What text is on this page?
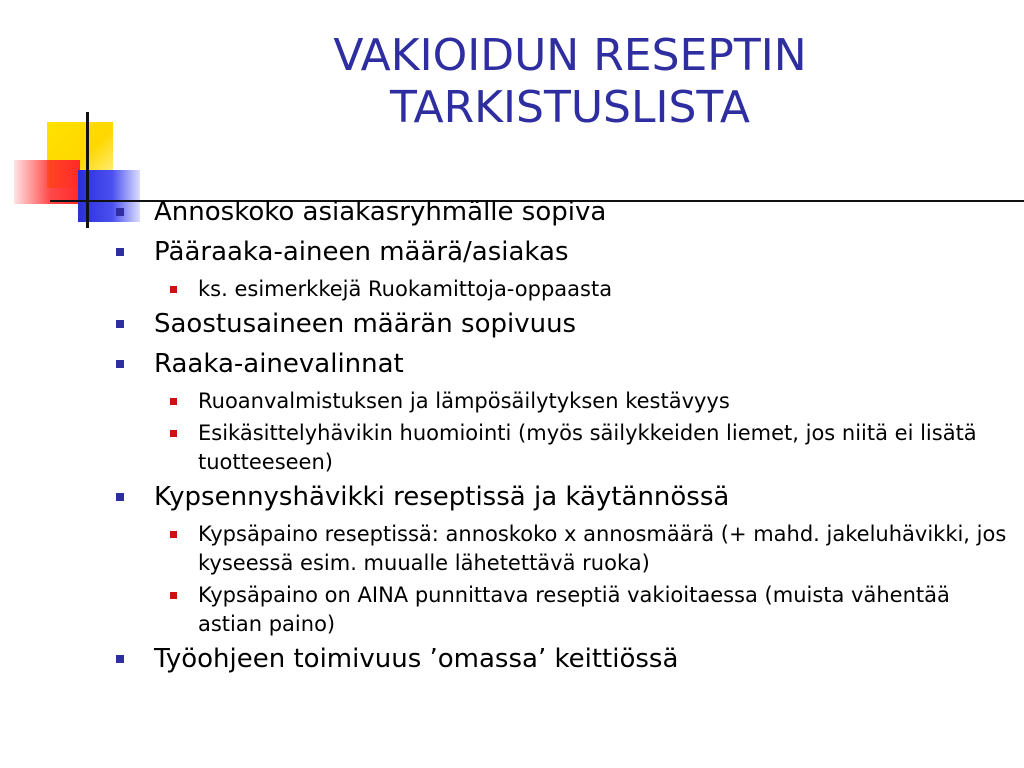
VAKIOIDUN RESEPTIN
TARKISTUSLISTA
Annoskoko asiakasryhmälle sopiva
Pääraaka-aineen määrä/asiakas
ks. esimerkkejä Ruokamittoja-oppaasta
Saostusaineen määrän sopivuus
Raaka-ainevalinnat
Ruoanvalmistuksen ja lämpösäilytyksen kestävyys
Esikäsittelyhävikin huomiointi (myös säilykkeiden liemet, jos niitä ei lisätä tuotteeseen)
Kypsennyshävikki reseptissä ja käytännössä
Kypsäpaino reseptissä: annoskoko x annosmäärä (+ mahd. jakeluhävikki, jos kyseessä esim. muualle lähetettävä ruoka)
Kypsäpaino on AINA punnittava reseptiä vakioitaessa (muista vähentää astian paino)
Työohjeen toimivuus ’omassa’ keittiössä
